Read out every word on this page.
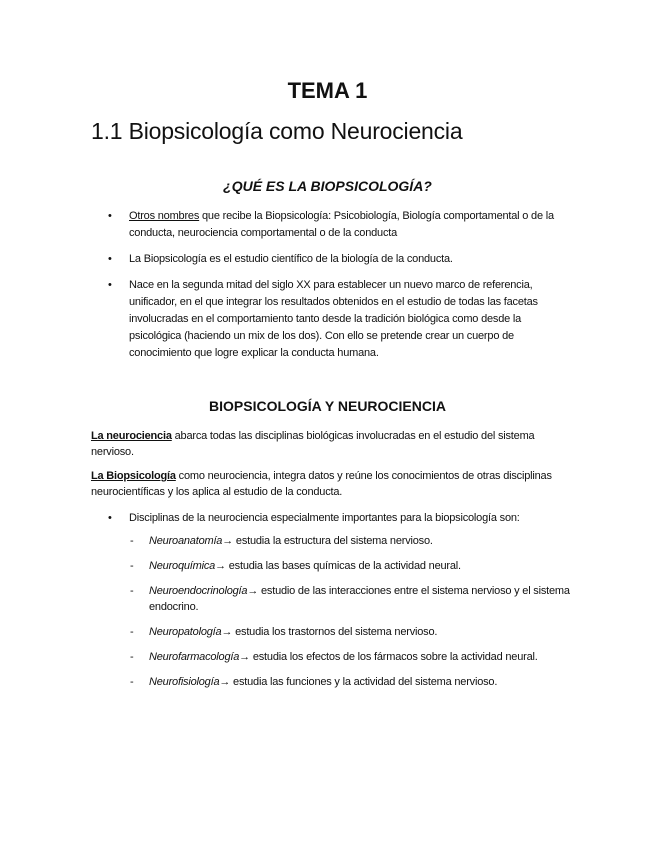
TEMA 1
1.1 Biopsicología como Neurociencia
¿QUÉ ES LA BIOPSICOLOGÍA?
• Otros nombres que recibe la Biopsicología: Psicobiología, Biología comportamental o de la conducta, neurociencia comportamental o de la conducta
• La Biopsicología es el estudio científico de la biología de la conducta.
• Nace en la segunda mitad del siglo XX para establecer un nuevo marco de referencia, unificador, en el que integrar los resultados obtenidos en el estudio de todas las facetas involucradas en el comportamiento tanto desde la tradición biológica como desde la psicológica (haciendo un mix de los dos). Con ello se pretende crear un cuerpo de conocimiento que logre explicar la conducta humana.
BIOPSICOLOGÍA Y NEUROCIENCIA

La neurociencia abarca todas las disciplinas biológicas involucradas en el estudio del sistema nervioso.

La Biopsicología como neurociencia, integra datos y reúne los conocimientos de otras disciplinas neurocientíficas y los aplica al estudio de la conducta.

•	Disciplinas de la neurociencia especialmente importantes para la biopsicología son:
- Neuroanatomía→ estudia la estructura del sistema nervioso.
- Neuroquímica→ estudia las bases químicas de la actividad neural.
- Neuroendocrinología→ estudio de las interacciones entre el sistema nervioso y el sistema endocrino.
- Neuropatología→ estudia los trastornos del sistema nervioso.
- Neurofarmacología→ estudia los efectos de los fármacos sobre la actividad neural.
- Neurofisiología→ estudia las funciones y la actividad del sistema nervioso.
